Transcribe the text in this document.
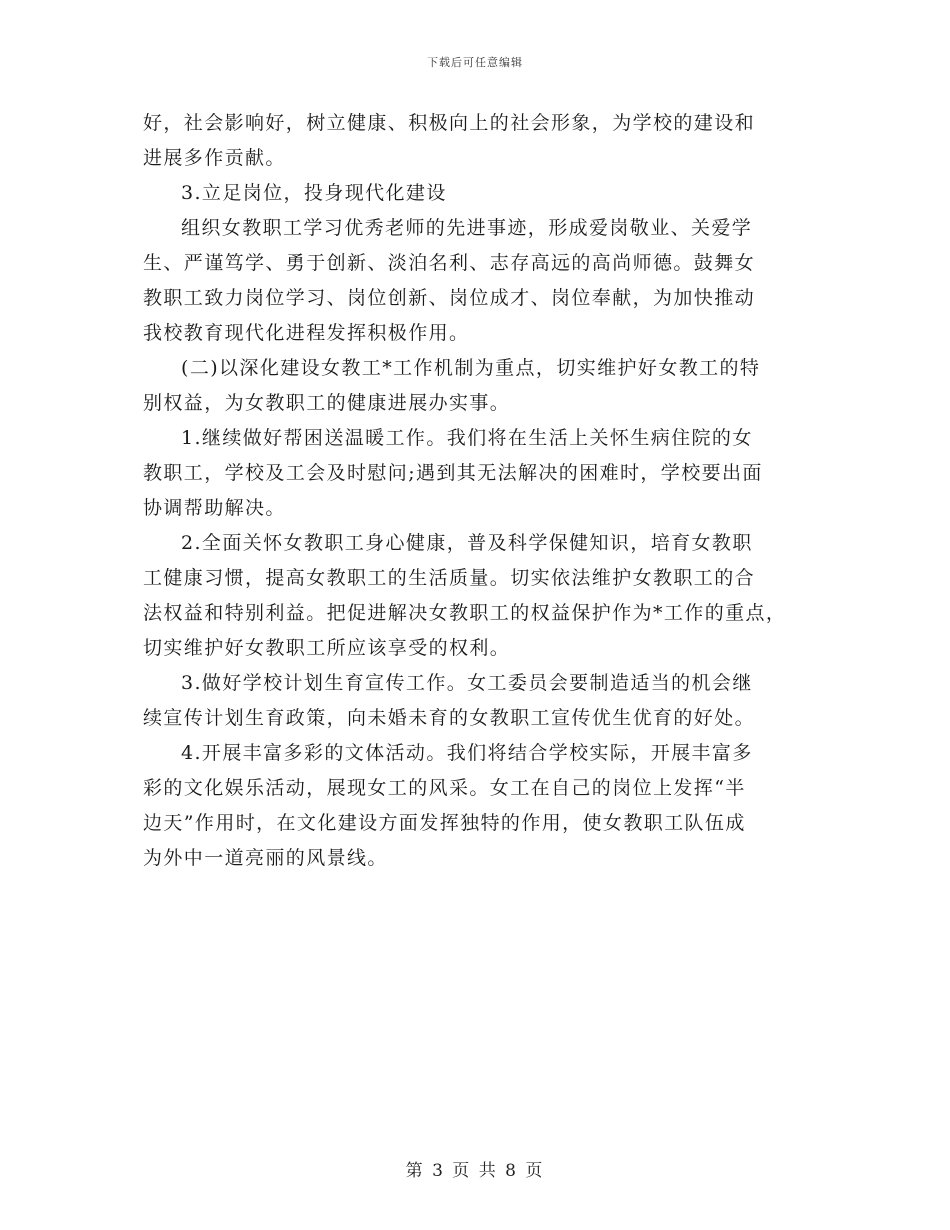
下载后可任意编辑
好，社会影响好，树立健康、积极向上的社会形象，为学校的建设和
进展多作贡献。
3.立足岗位，投身现代化建设
组织女教职工学习优秀老师的先进事迹，形成爱岗敬业、关爱学
生、严谨笃学、勇于创新、淡泊名利、志存高远的高尚师德。鼓舞女
教职工致力岗位学习、岗位创新、岗位成才、岗位奉献，为加快推动
我校教育现代化进程发挥积极作用。
(二)以深化建设女教工*工作机制为重点，切实维护好女教工的特
别权益，为女教职工的健康进展办实事。
1.继续做好帮困送温暖工作。我们将在生活上关怀生病住院的女
教职工，学校及工会及时慰问;遇到其无法解决的困难时，学校要出面
协调帮助解决。
2.全面关怀女教职工身心健康，普及科学保健知识，培育女教职
工健康习惯，提高女教职工的生活质量。切实依法维护女教职工的合
法权益和特别利益。把促进解决女教职工的权益保护作为*工作的重点，
切实维护好女教职工所应该享受的权利。
3.做好学校计划生育宣传工作。女工委员会要制造适当的机会继
续宣传计划生育政策，向未婚未育的女教职工宣传优生优育的好处。
4.开展丰富多彩的文体活动。我们将结合学校实际，开展丰富多
彩的文化娱乐活动，展现女工的风采。女工在自己的岗位上发挥“半
边天”作用时，在文化建设方面发挥独特的作用，使女教职工队伍成
为外中一道亮丽的风景线。
第 3 页 共 8 页
